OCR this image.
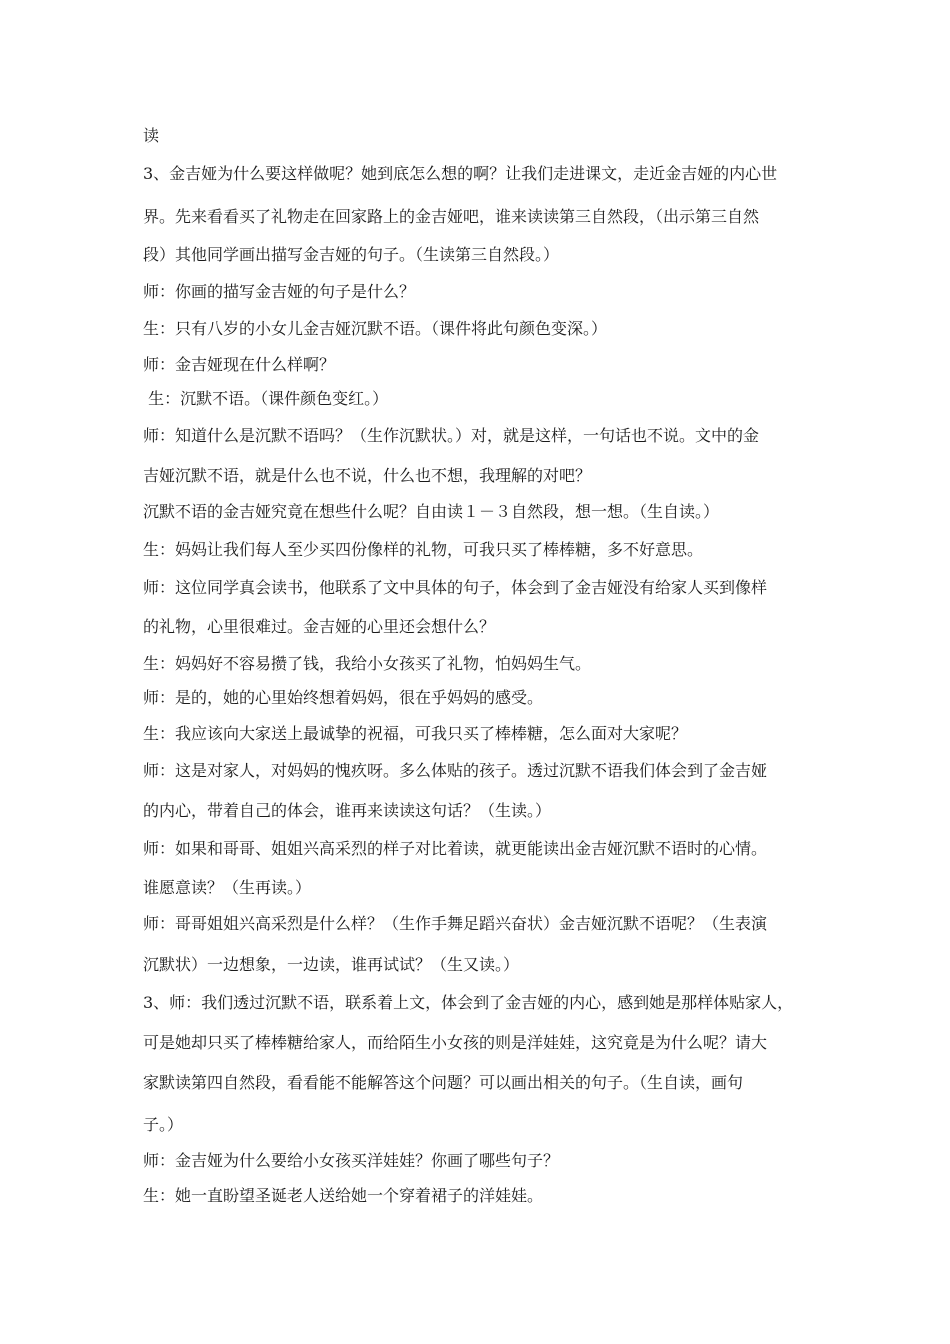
读
3、金吉娅为什么要这样做呢？她到底怎么想的啊？让我们走进课文，走近金吉娅的内心世
界。先来看看买了礼物走在回家路上的金吉娅吧，谁来读读第三自然段，（出示第三自然
段）其他同学画出描写金吉娅的句子。（生读第三自然段。）
师：你画的描写金吉娅的句子是什么？
生：只有八岁的小女儿金吉娅沉默不语。（课件将此句颜色变深。）
师：金吉娅现在什么样啊？
生：沉默不语。（课件颜色变红。）
师：知道什么是沉默不语吗？（生作沉默状。）对，就是这样，一句话也不说。文中的金
吉娅沉默不语，就是什么也不说，什么也不想，我理解的对吧？
沉默不语的金吉娅究竟在想些什么呢？自由读１－３自然段，想一想。（生自读。）
生：妈妈让我们每人至少买四份像样的礼物，可我只买了棒棒糖，多不好意思。
师：这位同学真会读书，他联系了文中具体的句子，体会到了金吉娅没有给家人买到像样
的礼物，心里很难过。金吉娅的心里还会想什么？
生：妈妈好不容易攒了钱，我给小女孩买了礼物，怕妈妈生气。
师：是的，她的心里始终想着妈妈，很在乎妈妈的感受。
生：我应该向大家送上最诚挚的祝福，可我只买了棒棒糖，怎么面对大家呢？
师：这是对家人，对妈妈的愧疚呀。多么体贴的孩子。透过沉默不语我们体会到了金吉娅
的内心，带着自己的体会，谁再来读读这句话？（生读。）
师：如果和哥哥、姐姐兴高采烈的样子对比着读，就更能读出金吉娅沉默不语时的心情。
谁愿意读？（生再读。）
师：哥哥姐姐兴高采烈是什么样？（生作手舞足蹈兴奋状）金吉娅沉默不语呢？（生表演
沉默状）一边想象，一边读，谁再试试？（生又读。）
3、师：我们透过沉默不语，联系着上文，体会到了金吉娅的内心，感到她是那样体贴家人，
可是她却只买了棒棒糖给家人，而给陌生小女孩的则是洋娃娃，这究竟是为什么呢？请大
家默读第四自然段，看看能不能解答这个问题？可以画出相关的句子。（生自读，画句
子。）
师：金吉娅为什么要给小女孩买洋娃娃？你画了哪些句子？
生：她一直盼望圣诞老人送给她一个穿着裙子的洋娃娃。
